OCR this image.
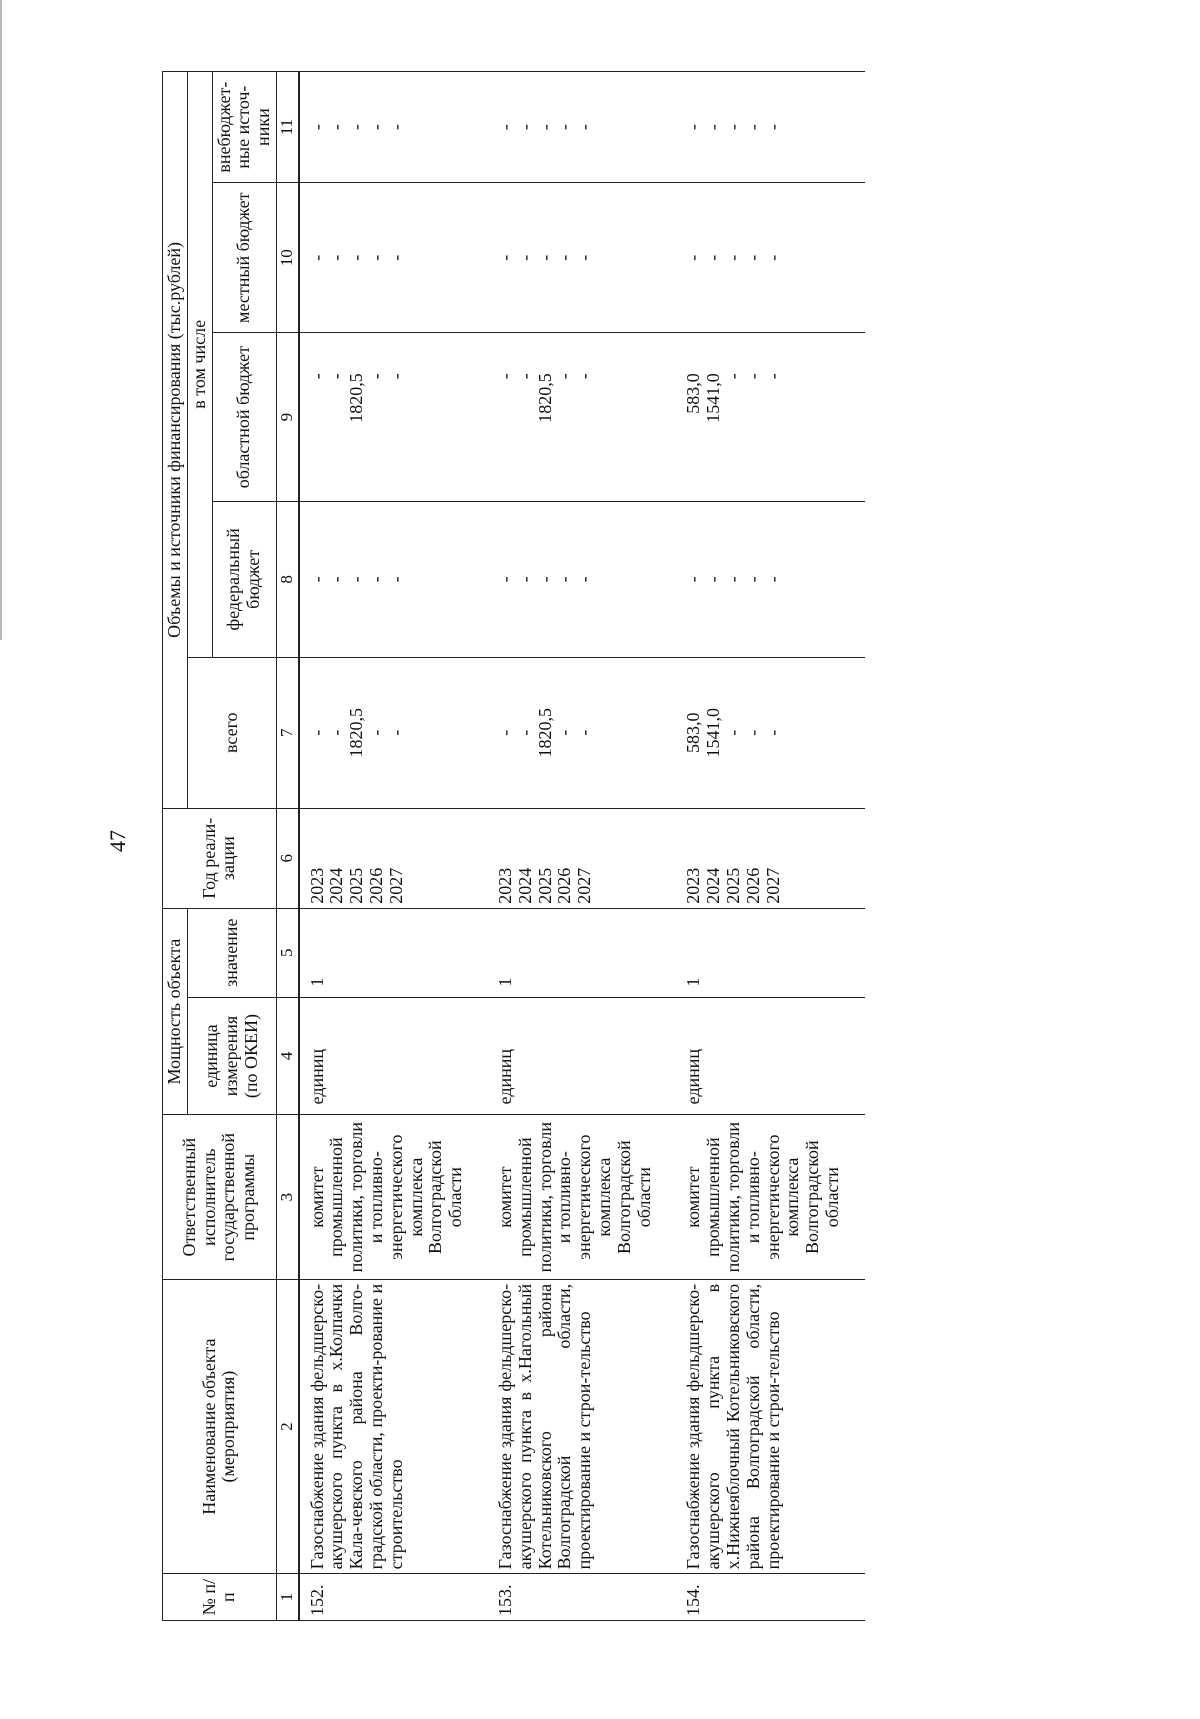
47
№ п/п	Наименование объекта (мероприятия)	Ответственный исполнитель государственной программы	Мощность объекта		Год реали-зации	Объемы и источники финансирования (тыс.рублей)				
			единица измерения (по ОКЕИ)	значение		всего	в том числе			
							федеральный бюджет	областной бюджет	местный бюджет	внебюджет-ные источ-ники
1	2	3	4	5	6	7	8	9	10	11
152.	Газоснабжение здания фельдшерско-акушерского пункта в х.Колпачки Кала-чевского района Волго-градской области, проекти-рование и строительство	комитет промышленной политики, торговли и топливно-энергетического комплекса Волгоградской области	единиц	1	2023
2024
2025
2026
2027	-
-
1820,5
-
-	-
-
-
-
-	-
-
1820,5
-
-	-
-
-
-
-	-
-
-
-
-
153.	Газоснабжение здания фельдшерско-акушерского пункта в х.Нагольный Котельниковского района Волгоградской области, проектирование и строи-тельство	комитет промышленной политики, торговли и топливно-энергетического комплекса Волгоградской области	единиц	1	2023
2024
2025
2026
2027	-
-
1820,5
-
-	-
-
-
-
-	-
-
1820,5
-
-	-
-
-
-
-	-
-
-
-
-
154.	Газоснабжение здания фельдшерско-акушерского пункта в х.Нижнеяблочный Котельниковского района Волгоградской области, проектирование и строи-тельство	комитет промышленной политики, торговли и топливно-энергетического комплекса Волгоградской области	единиц	1	2023
2024
2025
2026
2027	583,0
1541,0
-
-
-	-
-
-
-
-	583,0
1541,0
-
-
-	-
-
-
-
-	-
-
-
-
-
